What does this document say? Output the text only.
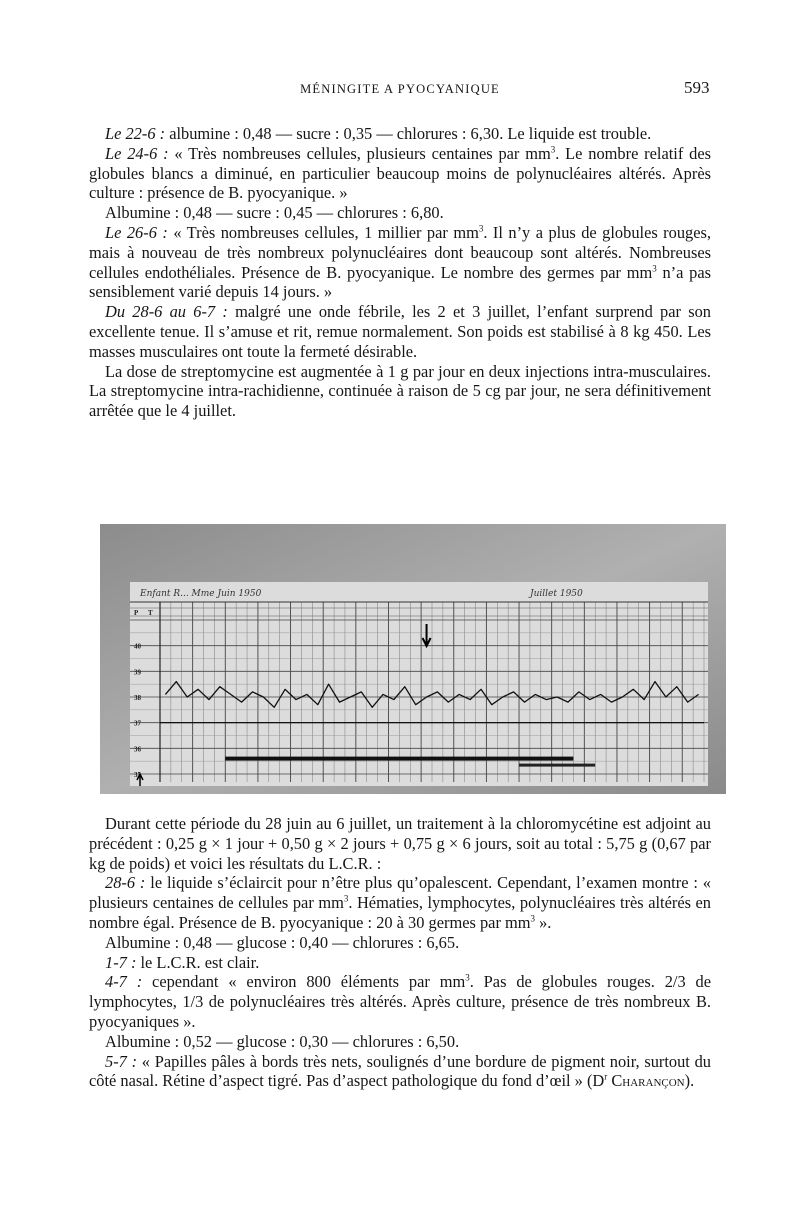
MÉNINGITE A PYOCYANIQUE	593

Le 22-6 : albumine : 0,48 — sucre : 0,35 — chlorures : 6,30. Le liquide est trouble.

Le 24-6 : « Très nombreuses cellules, plusieurs centaines par $mm^3$. Le nombre relatif des globules blancs a diminué, en particulier beaucoup moins de polynucléaires altérés. Après culture : présence de B. pyocyanique. »

Albumine : 0,48 — sucre : 0,45 — chlorures : 6,80.

Le 26-6 : « Très nombreuses cellules, 1 millier par $mm^3$. Il n’y a plus de globules rouges, mais à nouveau de très nombreux polynucléaires dont beaucoup sont altérés. Nombreuses cellules endothéliales. Présence de B. pyocyanique. Le nombre des germes par $mm^3$ n’a pas sensiblement varié depuis 14 jours. »

Du 28-6 au 6-7 : malgré une onde fébrile, les 2 et 3 juillet, l’enfant surprend par son excellente tenue. Il s’amuse et rit, remue normalement. Son poids est stabilisé à 8 kg 450. Les masses musculaires ont toute la fermeté désirable.

La dose de streptomycine est augmentée à 1 g par jour en deux injections intra-musculaires. La streptomycine intra-rachidienne, continuée à raison de 5 cg par jour, ne sera définitivement arrêtée que le 4 juillet.

Enfant R... Mme Juin 1950	Juillet 1950
P T
40
39
38
37
36
35

Durant cette période du 28 juin au 6 juillet, un traitement à la chloromycétine est adjoint au précédent : 0,25 g × 1 jour + 0,50 g × 2 jours + 0,75 g × 6 jours, soit au total : 5,75 g (0,67 par kg de poids) et voici les résultats du L.C.R. :

28-6 : le liquide s’éclaircit pour n’être plus qu’opalescent. Cependant, l’examen montre : « plusieurs centaines de cellules par $mm^3$. Hématies, lymphocytes, polynucléaires très altérés en nombre égal. Présence de B. pyocyanique : 20 à 30 germes par $mm^3$ ».

Albumine : 0,48 — glucose : 0,40 — chlorures : 6,65.

1-7 : le L.C.R. est clair.

4-7 : cependant « environ 800 éléments par $mm^3$. Pas de globules rouges. 2/3 de lymphocytes, 1/3 de polynucléaires très altérés. Après culture, présence de très nombreux B. pyocyaniques ».

Albumine : 0,52 — glucose : 0,30 — chlorures : 6,50.

5-7 : « Papilles pâles à bords très nets, soulignés d’une bordure de pigment noir, surtout du côté nasal. Rétine d’aspect tigré. Pas d’aspect pathologique du fond d’œil » ($D^r$ Charançon).
